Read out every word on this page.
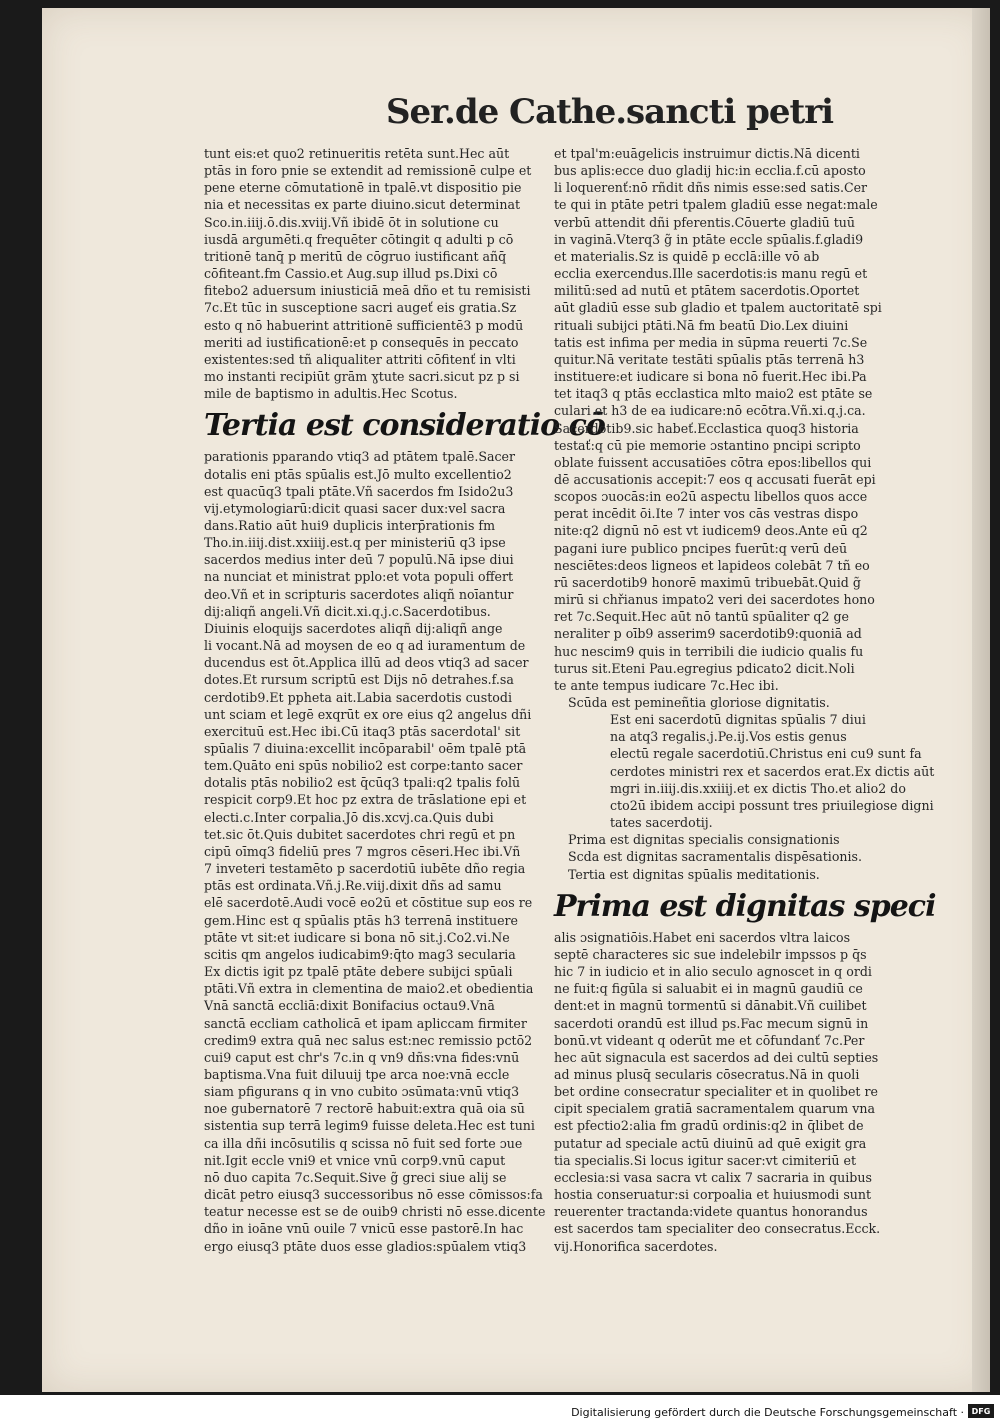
Ser.de Cathe.sancti petri

tunt eis:et quo2 retinueritis retēta sunt.Hec aūt

ptās in foro pnie se extendit ad remissionē culpe et

pene eterne cōmutationē in tpalē.vt dispositio pie

nia et necessitas ex parte diuino.sicut determinat

Sco.in.iiij.ō.dis.xviij.Vñ ibidē ōt in solutione cu

iusdā argumēti.q frequēter cōtingit q adulti p cō

tritionē tanq̄ p meritū de cōgruo iustificant añq̄

cōfiteant.fm Cassio.et Aug.sup illud ps.Dixi cō

fitebo2 aduersum iniusticiā meā dño et tu remisisti

7c.Et tūc in susceptione sacri augeť eis gratia.Sz

esto q nō habuerint attritionē sufficientē3 p modū

meriti ad iustificationē:et p consequēs in peccato

existentes:sed tñ aliqualiter attriti cōfitenť in vlti

mo instanti recipiūt grām ɣtute sacri.sicut pz p si

mile de baptismo in adultis.Hec Scotus.

Tertia est consideratio cō

parationis pparando vtiq3 ad ptātem tpalē.Sacer

dotalis eni ptās spūalis est.Jō multo excellentio2

est quacūq3 tpali ptāte.Vñ sacerdos fm Isido2u3

vij.etymologiarū:dicit quasi sacer dux:vel sacra

dans.Ratio aūt hui9 duplicis interp̄rationis fm

Tho.in.iiij.dist.xxiiij.est.q per ministeriū q3 ipse

sacerdos medius inter deū 7 populū.Nā ipse diui

na nunciat et ministrat pplo:et vota populi offert

deo.Vñ et in scripturis sacerdotes aliqñ noīantur

dij:aliqñ angeli.Vñ dicit.xi.q.j.c.Sacerdotibus.

Diuinis eloquijs sacerdotes aliqñ dij:aliqñ ange

li vocant.Nā ad moysen de eo q ad iuramentum de

ducendus est ōt.Applica illū ad deos vtiq3 ad sacer

dotes.Et rursum scriptū est Dijs nō detrahes.f.sa

cerdotib9.Et ppheta ait.Labia sacerdotis custodi

unt sciam et legē exqrūt ex ore eius q2 angelus dñi

exercituū est.Hec ibi.Cū itaq3 ptās sacerdotal' sit

spūalis 7 diuina:excellit incōparabil' oēm tpalē ptā

tem.Quāto eni spūs nobilio2 est corpe:tanto sacer

dotalis ptās nobilio2 est q̄cūq3 tpali:q2 tpalis folū

respicit corp9.Et hoc pz extra de trāslatione epi et

electi.c.Inter corpalia.Jō dis.xcvj.ca.Quis dubi

tet.sic ōt.Quis dubitet sacerdotes chri regū et pn

cipū oīmq3 fideliū pres 7 mgros cēseri.Hec ibi.Vñ

7 inveteri testamēto p sacerdotiū iubēte dño regia

ptās est ordinata.Vñ.j.Re.viij.dixit dñs ad samu

elē sacerdotē.Audi vocē eo2ū et cōstitue sup eos re

gem.Hinc est q spūalis ptās h3 terrenā instituere

ptāte vt sit:et iudicare si bona nō sit.j.Co2.vi.Ne

scitis qm angelos iudicabim9:q̄to mag3 secularia

Ex dictis igit pz tpalē ptāte debere subijci spūali

ptāti.Vñ extra in clementina de maio2.et obedientia

Vnā sanctā eccliā:dixit Bonifacius octau9.Vnā

sanctā eccliam catholicā et ipam apliccam firmiter

credim9 extra quā nec salus est:nec remissio pctō2

cui9 caput est chr's 7c.in q vn9 dñs:vna fides:vnū

baptisma.Vna fuit diluuij tpe arca noe:vnā eccle

siam pfigurans q in vno cubito ɔsūmata:vnū vtiq3

noe gubernatorē 7 rectorē habuit:extra quā oia sū

sistentia sup terrā legim9 fuisse deleta.Hec est tuni

ca illa dñi incōsutilis q scissa nō fuit sed forte ɔue

nit.Igit eccle vni9 et vnice vnū corp9.vnū caput

nō duo capita 7c.Sequit.Sive g̃ greci siue alij se

dicāt petro eiusq3 successoribus nō esse cōmissos:fa

teatur necesse est se de ouib9 christi nō esse.dicente

dño in ioāne vnū ouile 7 vnicū esse pastorē.In hac

ergo eiusq3 ptāte duos esse gladios:spūalem vtiq3

et tpal'm:euāgelicis instruimur dictis.Nā dicenti

bus aplis:ecce duo gladij hic:in ecclia.f.cū aposto

li loquerenť:nō rñdit dñs nimis esse:sed satis.Cer

te qui in ptāte petri tpalem gladiū esse negat:male

verbū attendit dñi pferentis.Cōuerte gladiū tuū

in vaginā.Vterq3 g̃ in ptāte eccle spūalis.f.gladi9

et materialis.Sz is quidē p ecclā:ille vō ab

ecclia exercendus.Ille sacerdotis:is manu regū et

militū:sed ad nutū et ptātem sacerdotis.Oportet

aūt gladiū esse sub gladio et tpalem auctoritatē spi

rituali subijci ptāti.Nā fm beatū Dio.Lex diuini

tatis est infima per media in sūpma reuerti 7c.Se

quitur.Nā veritate testāti spūalis ptās terrenā h3

instituere:et iudicare si bona nō fuerit.Hec ibi.Pa

tet itaq3 q ptās ecclastica mlto maio2 est ptāte se

culari et h3 de ea iudicare:nō ecōtra.Vñ.xi.q.j.ca.

Sacerdotib9.sic habeť.Ecclastica quoq3 historia

testať:q cū pie memorie ɔstantino pncipi scripto

oblate fuissent accusatiōes cōtra epos:libellos qui

dē accusationis accepit:7 eos q accusati fuerāt epi

scopos ɔuocās:in eo2ū aspectu libellos quos acce

perat incēdit ōi.Ite 7 inter vos cās vestras dispo

nite:q2 dignū nō est vt iudicem9 deos.Ante eū q2

pagani iure publico pncipes fuerūt:q verū deū

nesciētes:deos ligneos et lapideos colebāt 7 tñ eo

rū sacerdotib9 honorē maximū tribuebāt.Quid g̃

mirū si chřianus impato2 veri dei sacerdotes hono

ret 7c.Sequit.Hec aūt nō tantū spūaliter q2 ge

neraliter p oīb9 asserim9 sacerdotib9:quoniā ad

huc nescim9 quis in terribili die iudicio qualis fu

turus sit.Eteni Pau.egregius pdicato2 dicit.Noli

te ante tempus iudicare 7c.Hec ibi.

Scūda est pemineñtia gloriose dignitatis.

Est eni sacerdotū dignitas spūalis 7 diui

na atq3 regalis.j.Pe.ij.Vos estis genus

electū regale sacerdotiū.Christus eni cu9 sunt fa

cerdotes ministri rex et sacerdos erat.Ex dictis aūt

mgri in.iiij.dis.xxiiij.et ex dictis Tho.et alio2 do

cto2ū ibidem accipi possunt tres priuilegiose digni

tates sacerdotij.

Prima est dignitas specialis consignationis

Scda est dignitas sacramentalis dispēsationis.

Tertia est dignitas spūalis meditationis.

Prima est dignitas speci

alis ɔsignatiōis.Habet eni sacerdos vltra laicos

septē characteres sic sue indelebilr impssos p q̄s

hic 7 in iudicio et in alio seculo agnoscet in q ordi

ne fuit:q figūla si saluabit ei in magnū gaudiū ce

dent:et in magnū tormentū si dānabit.Vñ cuilibet

sacerdoti orandū est illud ps.Fac mecum signū in

bonū.vt videant q oderūt me et cōfundanť 7c.Per

hec aūt signacula est sacerdos ad dei cultū septies

ad minus plusq̄ secularis cōsecratus.Nā in quoli

bet ordine consecratur specialiter et in quolibet re

cipit specialem gratiā sacramentalem quarum vna

est pfectio2:alia fm gradū ordinis:q2 in q̄libet de

putatur ad speciale actū diuinū ad quē exigit gra

tia specialis.Si locus igitur sacer:vt cimiteriū et

ecclesia:si vasa sacra vt calix 7 sacraria in quibus

hostia conseruatur:si corpoalia et huiusmodi sunt

reuerenter tractanda:videte quantus honorandus

est sacerdos tam specialiter deo consecratus.Ecck.

vij.Honorifica sacerdotes.

Digitalisierung gefördert durch die Deutsche Forschungsgemeinschaft · DFG
